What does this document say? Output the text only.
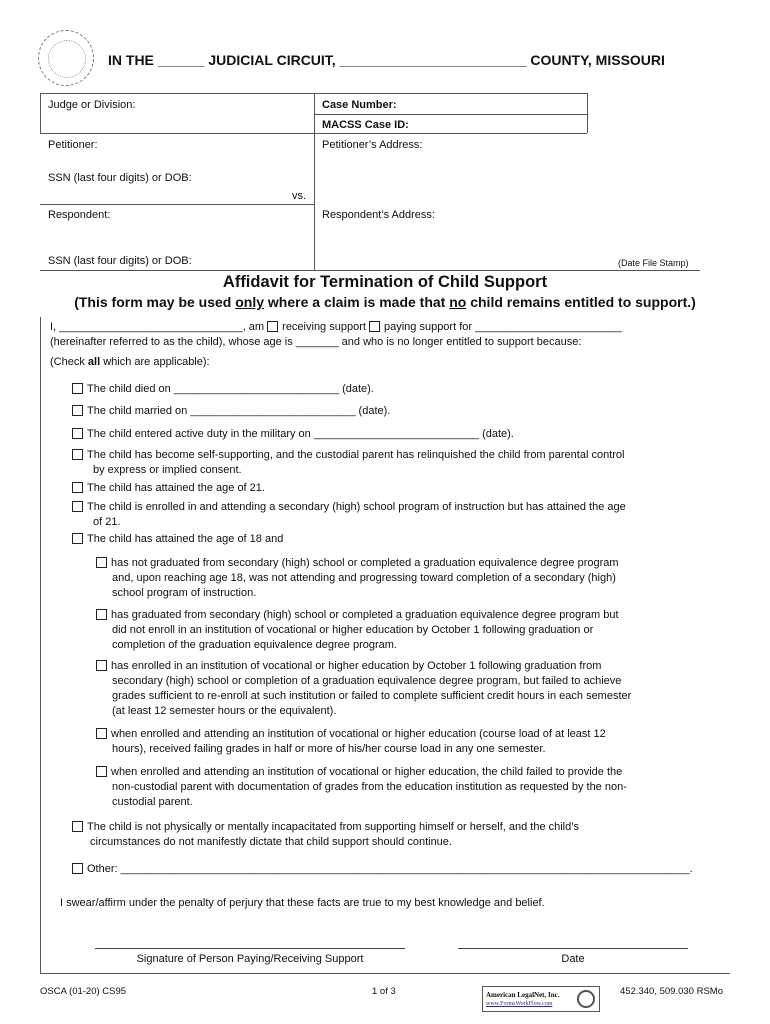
IN THE ______ JUDICIAL CIRCUIT, ________________________ COUNTY, MISSOURI
Judge or Division:	Case Number:
MACSS Case ID:
Petitioner:	Petitioner’s Address:
SSN (last four digits) or DOB:
vs.
Respondent:	Respondent’s Address:
SSN (last four digits) or DOB:	(Date File Stamp)
Affidavit for Termination of Child Support
(This form may be used only where a claim is made that no child remains entitled to support.)
I, ______________________________, am receiving support paying support for ________________________
(hereinafter referred to as the child), whose age is _______ and who is no longer entitled to support because:
(Check all which are applicable):
The child died on ___________________________ (date).
The child married on ___________________________ (date).
The child entered active duty in the military on ___________________________ (date).
The child has become self-supporting, and the custodial parent has relinquished the child from parental control
by express or implied consent.
The child has attained the age of 21.
The child is enrolled in and attending a secondary (high) school program of instruction but has attained the age
of 21.
The child has attained the age of 18 and
has not graduated from secondary (high) school or completed a graduation equivalence degree program
and, upon reaching age 18, was not attending and progressing toward completion of a secondary (high)
school program of instruction.
has graduated from secondary (high) school or completed a graduation equivalence degree program but
did not enroll in an institution of vocational or higher education by October 1 following graduation or
completion of the graduation equivalence degree program.
has enrolled in an institution of vocational or higher education by October 1 following graduation from
secondary (high) school or completion of a graduation equivalence degree program, but failed to achieve
grades sufficient to re-enroll at such institution or failed to complete sufficient credit hours in each semester
(at least 12 semester hours or the equivalent).
when enrolled and attending an institution of vocational or higher education (course load of at least 12
hours), received failing grades in half or more of his/her course load in any one semester.
when enrolled and attending an institution of vocational or higher education, the child failed to provide the
non-custodial parent with documentation of grades from the education institution as requested by the non-
custodial parent.
The child is not physically or mentally incapacitated from supporting himself or herself, and the child’s
circumstances do not manifestly dictate that child support should continue.
Other: _____________________________________________________________________________________________.
I swear/affirm under the penalty of perjury that these facts are true to my best knowledge and belief.
Signature of Person Paying/Receiving Support	Date
OSCA (01-20) CS95	1 of 3	American LegalNet, Inc.
www.FormsWorkFlow.com
452.340, 509.030 RSMo
